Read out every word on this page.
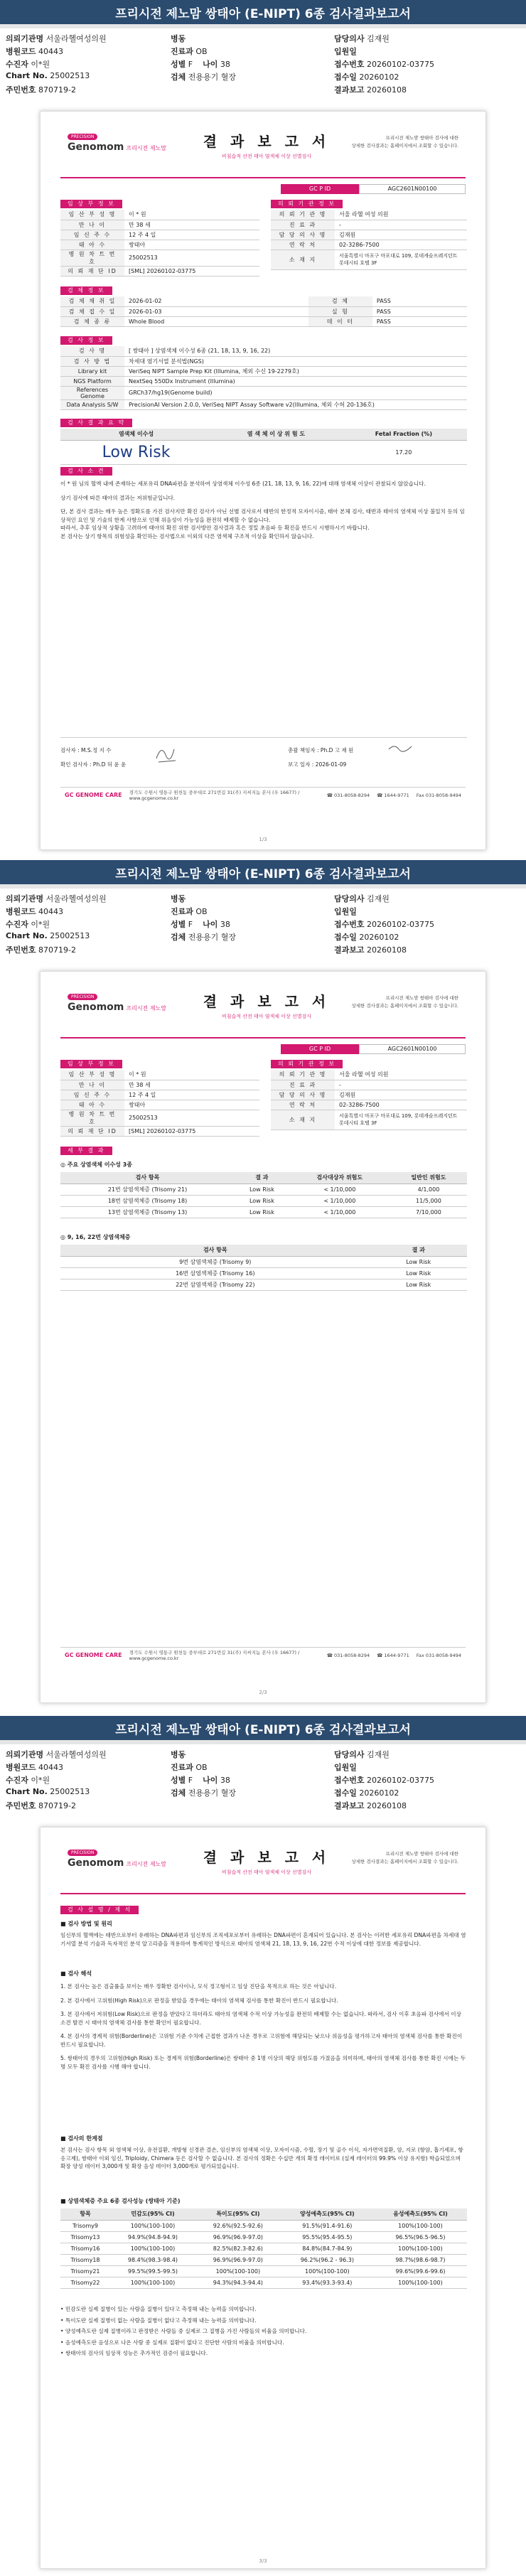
프리시전 제노맘 쌍태아 (E-NIPT) 6종 검사결과보고서
의뢰기관명 서울라헬여성의원
병원코드 40443
수진자 이*원
Chart No. 25002513
주민번호 870719-2
병동
진료과 OB
성별 F 나이 38
검체 전용용기 혈장
담당의사 김재원
입원일
접수번호 20260102-03775
접수일 20260102
결과보고 20260108
PRECISION
Genomom 프리시전 제노맘	결 과 보 고 서
비침습적 산전 태아 염색체 이상 선별검사
프리시전 제노맘 쌍태아 검사에 대한
상세한 검사결과는 홈페이지에서 조회할 수 있습니다.
GC P ID	AGC2601N00100
임 상 부 정 보	의 뢰 기 관 정 보
임 산 부 성 명	이 * 원
만 나 이	만 38 세
임 신 주 수	12 주 4 일
태 아 수	쌍태아
병 원 차 트 번 호	25002513
의 뢰 재 단 ID	[SML] 20260102-03775
의 뢰 기 관 명	서울 라헬 여성 의원
진 료 과	-
담 당 의 사 명	김재원
연 락 처	02-3286-7500
소 재 지	서울특별시 마포구 마포대로 109, 롯데캐슬프레지던트 롯데시티 호텔 3F
검 체 정 보
검 체 채 취 일	2026-01-02	검 체	PASS
검 체 접 수 일	2026-01-03	실 험	PASS
검 체 종 류	Whole Blood	데 이 터	PASS
검 사 정 보
검 사 명	[ 쌍태아 ] 상염색체 이수성 6종 (21, 18, 13, 9, 16, 22)
검 사 방 법	차세대 염기서열 분석법(NGS)
Library kit	VeriSeq NIPT Sample Prep Kit (Illumina, 체외 수신 19-2279호)
NGS Platform	NextSeq 550Dx Instrument (Illumina)
References Genome	GRCh37/hg19(Genome build)
Data Analysis S/W	PrecisionAI Version 2.0.0, VeriSeq NIPT Assay Software v2(Illumina, 체외 수허 20-136호)
검 사 결 과 요 약
염색체 이수성	염 색 체 이 상 위 험 도	Fetal Fraction (%)
Low Risk		17.20
검 사 소 견

이 * 원 님의 혈액 내에 존재하는 세포유리 DNA파편을 분석하여 상염색체 이수성 6종 (21, 18, 13, 9, 16, 22)에 대해 염색체 이상이 관찰되지 않았습니다.

상기 검사에 따른 태아의 결과는 저위험군입니다.

단, 본 검사 결과는 매우 높은 정확도를 가진 검사지만 확진 검사가 아닌 선별 검사로서 태반의 한정적 모자이시즘, 태아 본체 검사, 태반과 태아의 염색체 이상 불일치 등의 임상적인 요인 및 기술의 한계 사항으로 인해 위음성이 가능성을 완전히 배제할 수 없습니다.

따라서, 추후 임상적 상황을 고려하여 태아의 확진 위한 검사방안 검사결과 혹은 정밀 초음파 등 확진을 반드시 시행하시기 바랍니다.

본 검사는 상기 항목의 위험성을 확인하는 검사법으로 이외의 다른 염색체 구조적 이상을 확인하지 않습니다.

검사자 : M.S.정 지 수
확인 검사자 : Ph.D 허 윤 윤
총괄 책임자 : Ph.D 고 재 원
보고 일자 : 2026-01-09
GC GENOME CARE 경기도 수원시 영통구 원천동 중부대로 271번길 31(주) 지씨지놈 본사 (우 16677) / www.gcgenome.co.kr
☎ 031-8058-8294 ☎ 1644-9771 Fax 031-8058-9494
1/3
프리시전 제노맘 쌍태아 (E-NIPT) 6종 검사결과보고서
의뢰기관명 서울라헬여성의원
병원코드 40443
수진자 이*원
Chart No. 25002513
주민번호 870719-2
병동
진료과 OB
성별 F 나이 38
검체 전용용기 혈장
담당의사 김재원
입원일
접수번호 20260102-03775
접수일 20260102
결과보고 20260108
PRECISION
Genomom 프리시전 제노맘	결 과 보 고 서
비침습적 산전 태아 염색체 이상 선별검사
프리시전 제노맘 쌍태아 검사에 대한
상세한 검사결과는 홈페이지에서 조회할 수 있습니다.
GC P ID	AGC2601N00100
임 상 부 정 보	의 뢰 기 관 정 보
임 산 부 성 명	이 * 원
만 나 이	만 38 세
임 신 주 수	12 주 4 일
태 아 수	쌍태아
병 원 차 트 번 호	25002513
의 뢰 재 단 ID	[SML] 20260102-03775
의 뢰 기 관 명	서울 라헬 여성 의원
진 료 과	-
담 당 의 사 명	김재원
연 락 처	02-3286-7500
소 재 지	서울특별시 마포구 마포대로 109, 롯데캐슬프레지던트 롯데시티 호텔 3F
세 부 결 과
◎ 주요 상염색체 이수성 3종
검사 항목	결 과	검사대상자 위험도	일반인 위험도
21번 삼염색체증 (Trisomy 21)	Low Risk	< 1/10,000	4/1,000
18번 삼염색체증 (Trisomy 18)	Low Risk	< 1/10,000	11/5,000
13번 삼염색체증 (Trisomy 13)	Low Risk	< 1/10,000	7/10,000
◎ 9, 16, 22번 상염색체증
검사 항목	결 과
9번 삼염색체증 (Trisomy 9)	Low Risk
16번 삼염색체증 (Trisomy 16)	Low Risk
22번 삼염색체증 (Trisomy 22)	Low Risk
GC GENOME CARE 경기도 수원시 영통구 원천동 중부대로 271번길 31(주) 지씨지놈 본사 (우 16677) / www.gcgenome.co.kr
☎ 031-8058-8294 ☎ 1644-9771 Fax 031-8058-9494
2/3
프리시전 제노맘 쌍태아 (E-NIPT) 6종 검사결과보고서
의뢰기관명 서울라헬여성의원
병원코드 40443
수진자 이*원
Chart No. 25002513
주민번호 870719-2
병동
진료과 OB
성별 F 나이 38
검체 전용용기 혈장
담당의사 김재원
입원일
접수번호 20260102-03775
접수일 20260102
결과보고 20260108
PRECISION
Genomom 프리시전 제노맘	결 과 보 고 서
비침습적 산전 태아 염색체 이상 선별검사
프리시전 제노맘 쌍태아 검사에 대한
상세한 검사결과는 홈페이지에서 조회할 수 있습니다.
검 사 설 명 / 제 석
■ 검사 방법 및 원리
임신부의 혈액에는 태반으로부터 유래하는 DNA파편과 임신부의 조직세포로부터 유래하는 DNA파편이 혼재되어 있습니다. 본 검사는 이러한 세포유리 DNA파편을 차세대 염기서열 분석 기술과 독자적인 분석 알고리즘을 적용하여 통계적인 방식으로 태아의 염색체 21, 18, 13, 9, 16, 22번 수적 이상에 대한 정보를 제공합니다.
■ 검사 해석

1. 본 검사는 높은 검출률을 보이는 매우 정확한 검사이나, 모식 정고형이고 임상 진단을 목적으로 하는 것은 아닙니다.

2. 본 검사에서 고위험(High Risk)으로 판정을 받았을 경우에는 태아의 염색체 검사를 통한 확진이 반드시 필요합니다.

3. 본 검사에서 저위험(Low Risk)으로 판정을 받았다고 하더라도 태아의 염색체 수적 이상 가능성을 완전히 배제할 수는 없습니다. 따라서, 검사 이후 초음파 검사에서 이상 소견 발견 시 태아의 염색체 검사를 통한 확인이 필요합니다.

4. 본 검사의 경계적 위험(Borderline)은 고위험 기준 수치에 근접한 결과가 나온 경우로 고위험에 해당되는 낮으나 위음성을 평가하고자 태아의 염색체 검사를 통한 확진이 반드시 필요합니다.

5. 쌍태아의 경우의 고위험(High Risk) 또는 경계적 위험(Borderline)은 쌍태아 중 1명 이상의 해당 위험도를 가졌음을 의미하며, 태아의 염색체 검사를 통한 확진 시에는 두 명 모두 확진 검사를 시행 해야 합니다.

■ 검사의 한계점
본 검사는 검사 항목 외 염색체 이상, 유전질환, 개방형 신경관 결손, 임신부의 염색체 이상, 모자이시즘, 수혈, 장기 및 골수 이식, 자가면역질환, 암, 지로 (항암, 흡기세포, 항응고제), 쌍태아 이외 임신, Triploidy, Chimera 등은 검사할 수 없습니다. 본 검사의 정확은 수십만 개의 확정 데이터로 (실제 데이터의 99.9% 이상 유지함) 학습되었으며 확장 양성 데이터 3,000개 및 확장 음성 데이터 3,000개로 평가되었습니다.
■ 상염색체증 주요 6종 검사성능 (쌍태아 기준)
항목	민감도(95% CI)	특이도(95% CI)	양성예측도(95% CI)	음성예측도(95% CI)
Trisomy9	100%(100-100)	92.6%(92.5-92.6)	91.5%(91.4-91.6)	100%(100-100)
Trisomy13	94.9%(94.8-94.9)	96.9%(96.9-97.0)	95.5%(95.4-95.5)	96.5%(96.5-96.5)
Trisomy16	100%(100-100)	82.5%(82.3-82.6)	84.8%(84.7-84.9)	100%(100-100)
Trisomy18	98.4%(98.3-98.4)	96.9%(96.9-97.0)	96.2%(96.2 - 96.3)	98.7%(98.6-98.7)
Trisomy21	99.5%(99.5-99.5)	100%(100-100)	100%(100-100)	99.6%(99.6-99.6)
Trisomy22	100%(100-100)	94.3%(94.3-94.4)	93.4%(93.3-93.4)	100%(100-100)

• 민감도란 실제 질병이 있는 사람을 질병이 있다고 측정해 내는 능력을 의미합니다.

• 특이도란 실제 질병이 없는 사람을 질병이 없다고 측정해 내는 능력을 의미합니다.

• 양성예측도란 실제 질병이라고 판정받은 사람들 중 실제로 그 질병을 가진 사람들의 비율을 의미합니다.

• 음성예측도란 음성으로 나온 사람 중 실제로 질환이 없다고 진단한 사람의 비율을 의미합니다.

• 쌍태아의 검사의 임상적 성능은 추가적인 검증이 필요합니다.

3/3
